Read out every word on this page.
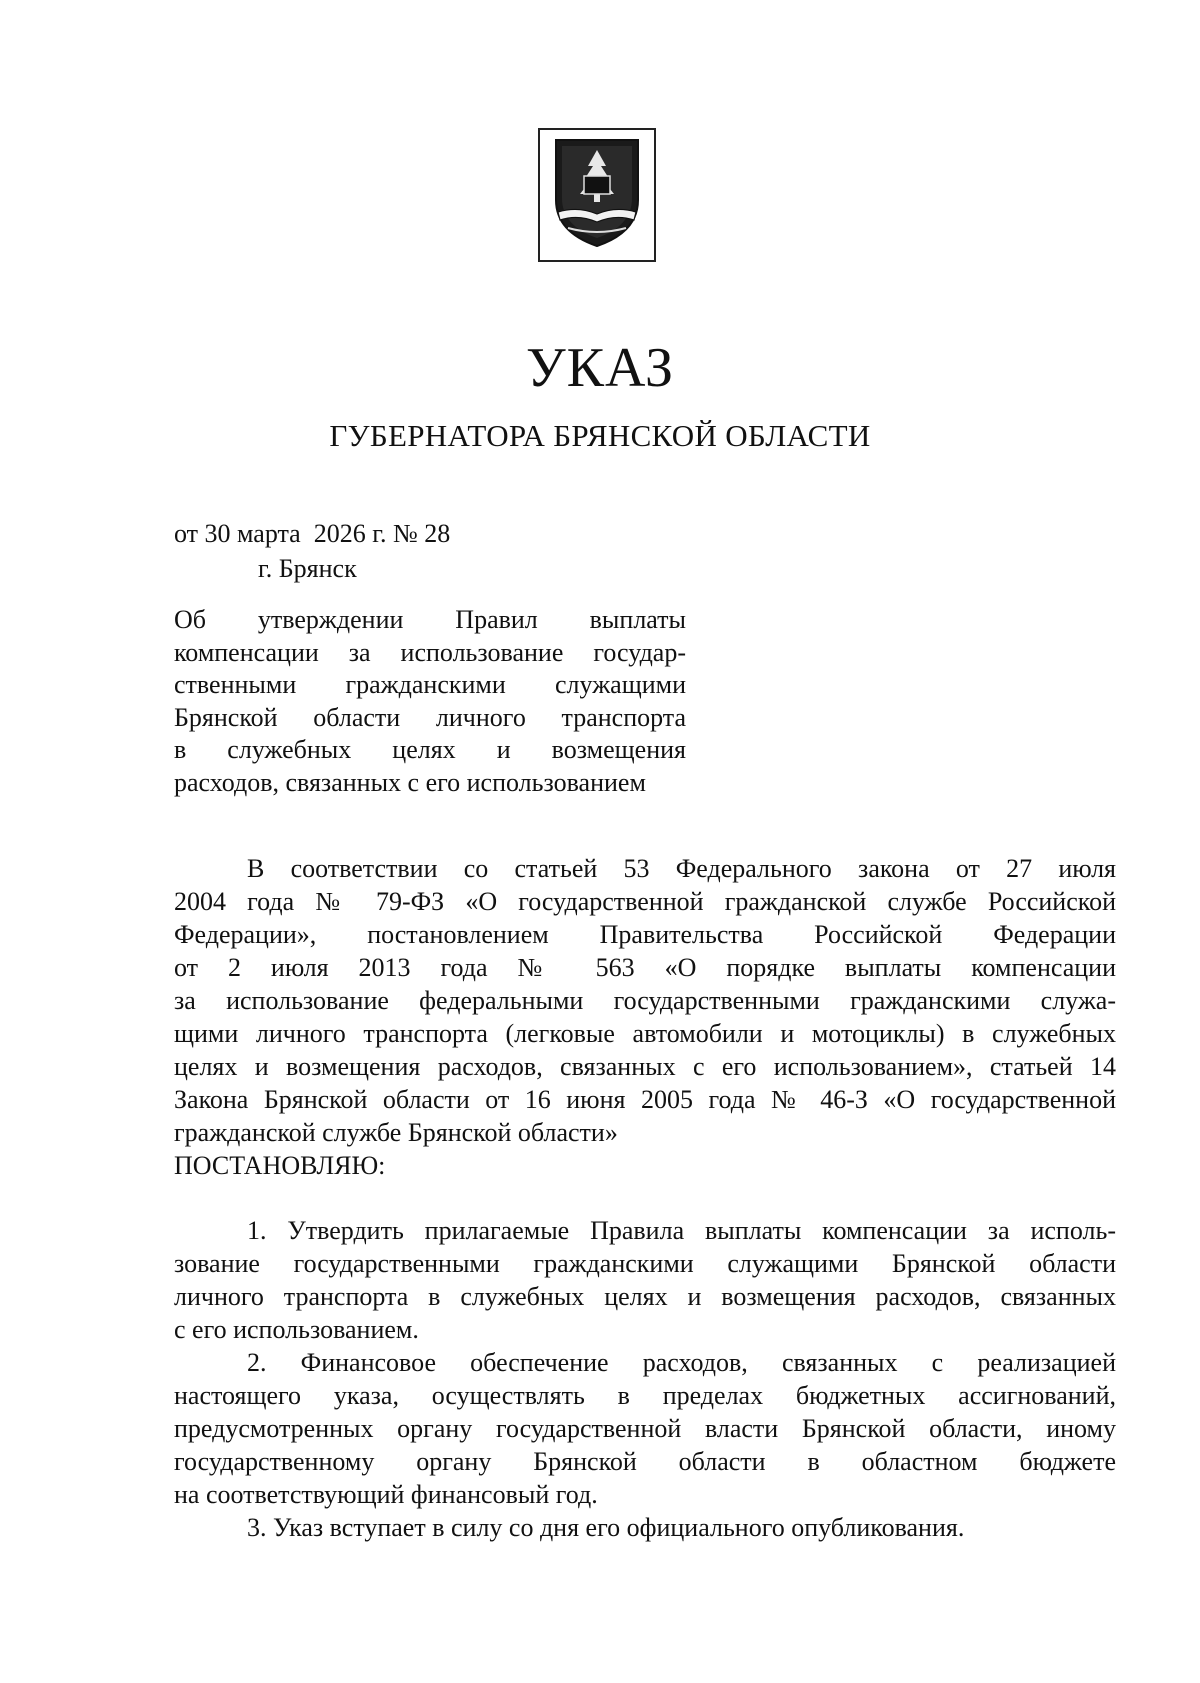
УКАЗ
ГУБЕРНАТОРА БРЯНСКОЙ ОБЛАСТИ
от 30 марта  2026 г. № 28
г. Брянск
Об утверждении Правил выплаты
компенсации за использование государ-
ственными гражданскими служащими
Брянской области личного транспорта
в служебных целях и возмещения
расходов, связанных с его использованием
В соответствии со статьей 53 Федерального закона от 27 июля
2004 года № 79-ФЗ «О государственной гражданской службе Российской
Федерации», постановлением Правительства Российской Федерации
от 2 июля 2013 года № 563 «О порядке выплаты компенсации
за использование федеральными государственными гражданскими служа-
щими личного транспорта (легковые автомобили и мотоциклы) в служебных
целях и возмещения расходов, связанных с его использованием», статьей 14
Закона Брянской области от 16 июня 2005 года № 46-З «О государственной
гражданской службе Брянской области»
ПОСТАНОВЛЯЮ:
1. Утвердить прилагаемые Правила выплаты компенсации за исполь-
зование государственными гражданскими служащими Брянской области
личного транспорта в служебных целях и возмещения расходов, связанных
с его использованием.
2. Финансовое обеспечение расходов, связанных с реализацией
настоящего указа, осуществлять в пределах бюджетных ассигнований,
предусмотренных органу государственной власти Брянской области, иному
государственному органу Брянской области в областном бюджете
на соответствующий финансовый год.
3. Указ вступает в силу со дня его официального опубликования.
